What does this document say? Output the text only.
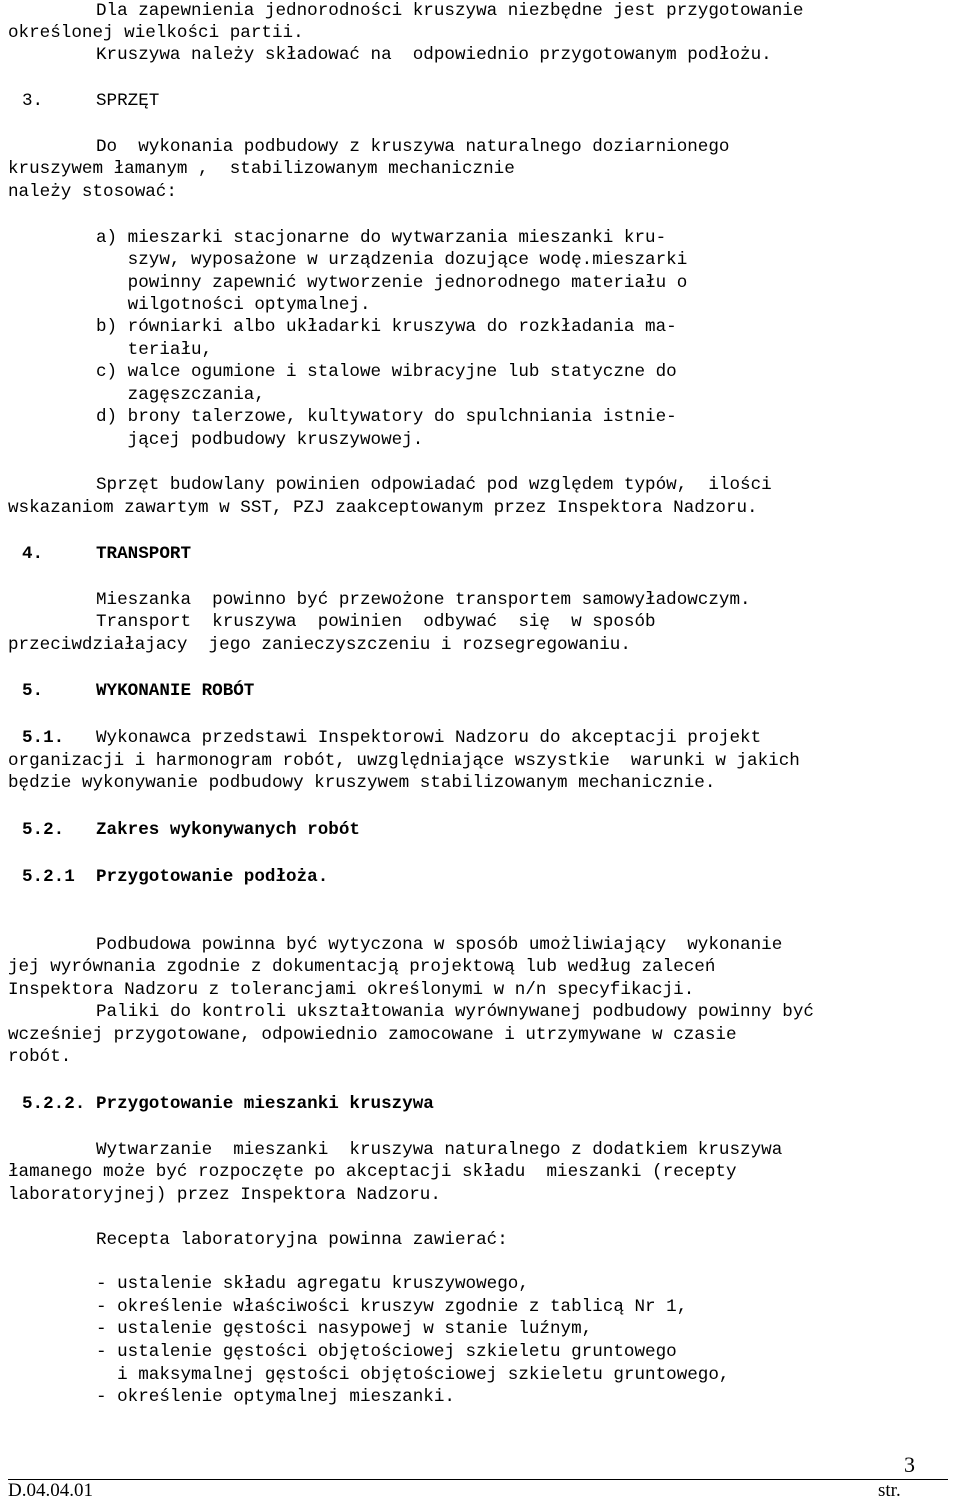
Dla zapewnienia jednorodności kruszywa niezbędne jest przygotowanie
określonej wielkości partii.
Kruszywa należy składować na  odpowiednio przygotowanym podłożu.
3.	SPRZĘT
Do  wykonania podbudowy z kruszywa naturalnego doziarnionego
kruszywem łamanym ,  stabilizowanym mechanicznie
należy stosować:
a) mieszarki stacjonarne do wytwarzania mieszanki kru-
szyw, wyposażone w urządzenia dozujące wodę.mieszarki
powinny zapewnić wytworzenie jednorodnego materiału o
wilgotności optymalnej.
b) równiarki albo układarki kruszywa do rozkładania ma-
teriału,
c) walce ogumione i stalowe wibracyjne lub statyczne do
zagęszczania,
d) brony talerzowe, kultywatory do spulchniania istnie-
jącej podbudowy kruszywowej.
Sprzęt budowlany powinien odpowiadać pod względem typów,  ilości
wskazaniom zawartym w SST, PZJ zaakceptowanym przez Inspektora Nadzoru.
4.	TRANSPORT
Mieszanka  powinno być przewożone transportem samowyładowczym.
Transport  kruszywa  powinien  odbywać  się  w sposób
przeciwdziałajacy  jego zanieczyszczeniu i rozsegregowaniu.
5.	WYKONANIE ROBÓT
5.1. Wykonawca przedstawi Inspektorowi Nadzoru do akceptacji projekt
organizacji i harmonogram robót, uwzględniające wszystkie  warunki w jakich
będzie wykonywanie podbudowy kruszywem stabilizowanym mechanicznie.
5.2. Zakres wykonywanych robót
5.2.1 Przygotowanie podłoża.
Podbudowa powinna być wytyczona w sposób umożliwiający  wykonanie
jej wyrównania zgodnie z dokumentacją projektową lub według zaleceń
Inspektora Nadzoru z tolerancjami określonymi w n/n specyfikacji.
Paliki do kontroli ukształtowania wyrównywanej podbudowy powinny być
wcześniej przygotowane, odpowiednio zamocowane i utrzymywane w czasie
robót.
5.2.2. Przygotowanie mieszanki kruszywa
Wytwarzanie  mieszanki  kruszywa naturalnego z dodatkiem kruszywa
łamanego może być rozpoczęte po akceptacji składu  mieszanki (recepty
laboratoryjnej) przez Inspektora Nadzoru.
Recepta laboratoryjna powinna zawierać:
- ustalenie składu agregatu kruszywowego,
- określenie właściwości kruszyw zgodnie z tablicą Nr 1,
- ustalenie gęstości nasypowej w stanie luźnym,
- ustalenie gęstości objętościowej szkieletu gruntowego
i maksymalnej gęstości objętościowej szkieletu gruntowego,
- określenie optymalnej mieszanki.
3
D.04.04.01	str.
